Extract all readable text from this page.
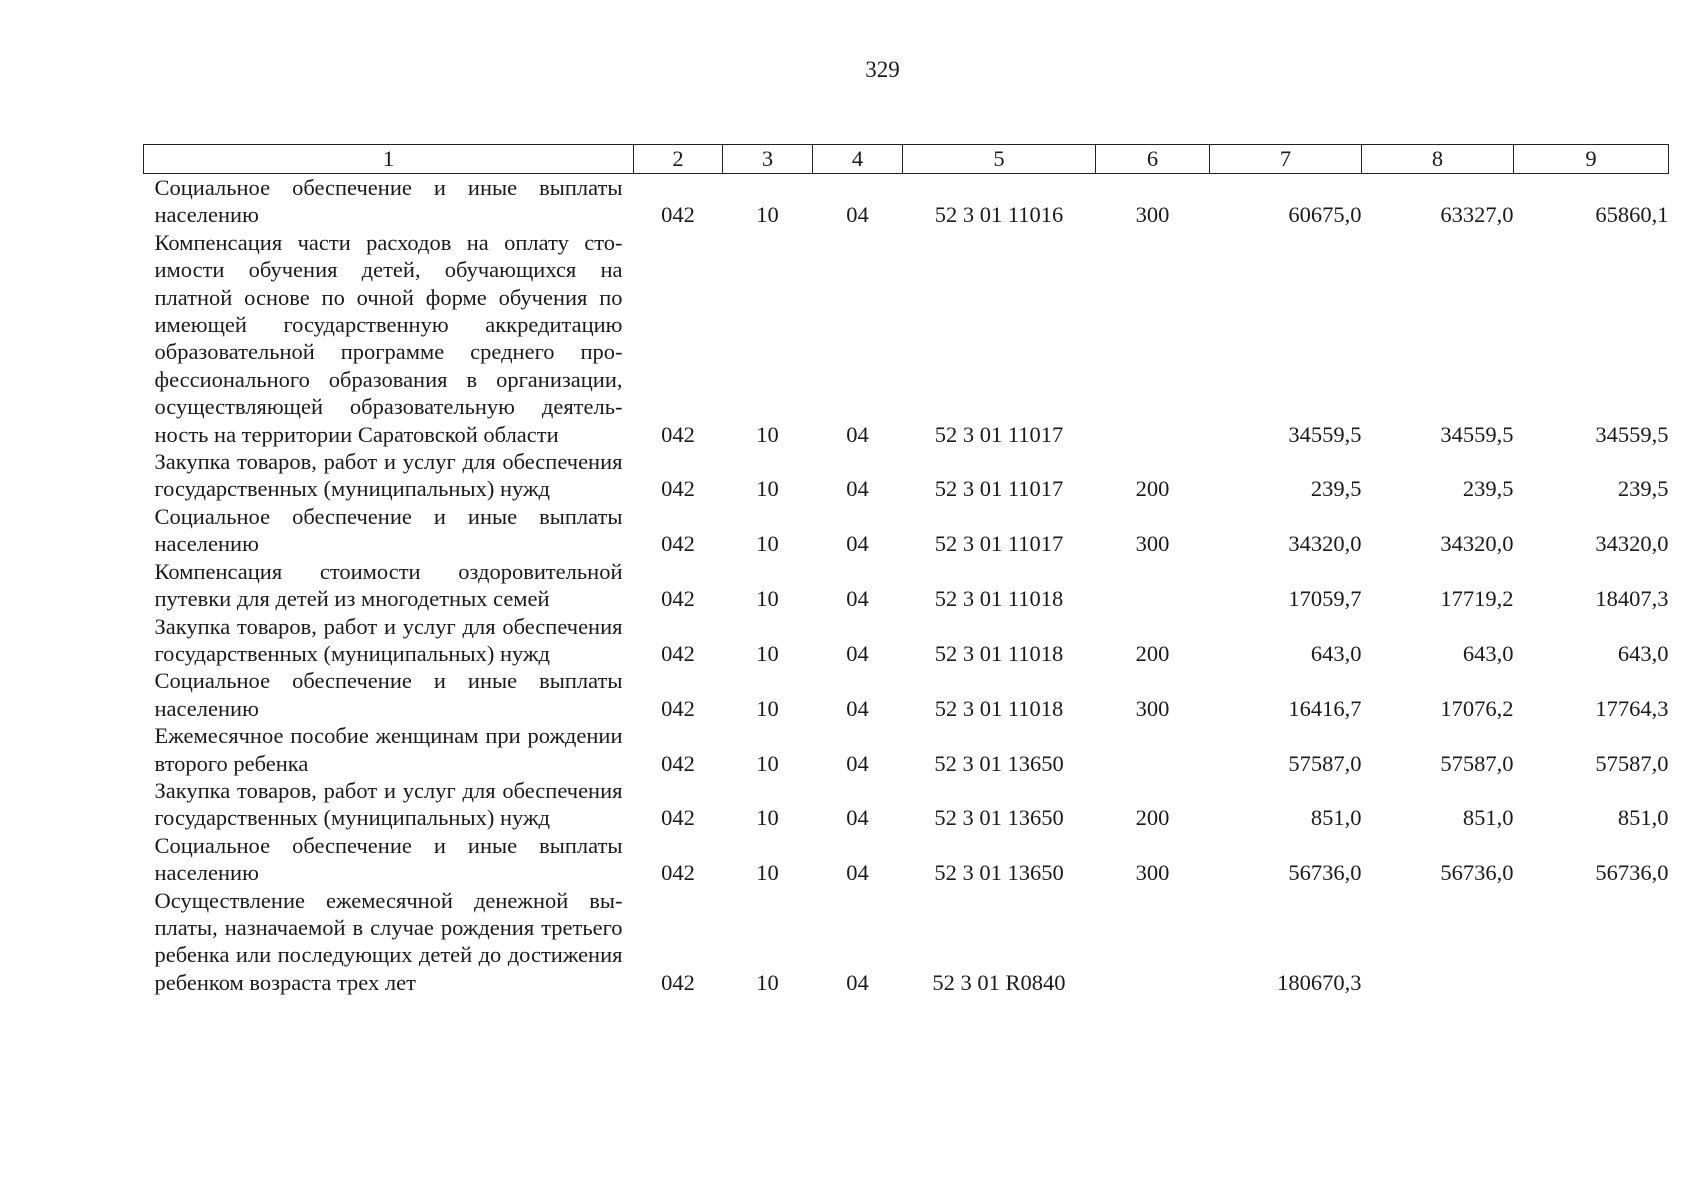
329
1	2	3	4	5	6	7	8	9
Социальное обеспечение и иные выплаты населению	042	10	04	52 3 01 11016	300	60675,0	63327,0	65860,1
Компенсация части расходов на оплату стоимости обучения детей, обучающихся на платной основе по очной форме обучения по имеющей государственную аккредитацию образовательной программе среднего профессионального образования в организации, осуществляющей образовательную деятельность на территории Саратовской области	042	10	04	52 3 01 11017		34559,5	34559,5	34559,5
Закупка товаров, работ и услуг для обеспечения государственных (муниципальных) нужд	042	10	04	52 3 01 11017	200	239,5	239,5	239,5
Социальное обеспечение и иные выплаты населению	042	10	04	52 3 01 11017	300	34320,0	34320,0	34320,0
Компенсация стоимости оздоровительной путевки для детей из многодетных семей	042	10	04	52 3 01 11018		17059,7	17719,2	18407,3
Закупка товаров, работ и услуг для обеспечения государственных (муниципальных) нужд	042	10	04	52 3 01 11018	200	643,0	643,0	643,0
Социальное обеспечение и иные выплаты населению	042	10	04	52 3 01 11018	300	16416,7	17076,2	17764,3
Ежемесячное пособие женщинам при рождении второго ребенка	042	10	04	52 3 01 13650		57587,0	57587,0	57587,0
Закупка товаров, работ и услуг для обеспечения государственных (муниципальных) нужд	042	10	04	52 3 01 13650	200	851,0	851,0	851,0
Социальное обеспечение и иные выплаты населению	042	10	04	52 3 01 13650	300	56736,0	56736,0	56736,0
Осуществление ежемесячной денежной выплаты, назначаемой в случае рождения третьего ребенка или последующих детей до достижения ребенком возраста трех лет	042	10	04	52 3 01 R0840		180670,3		
